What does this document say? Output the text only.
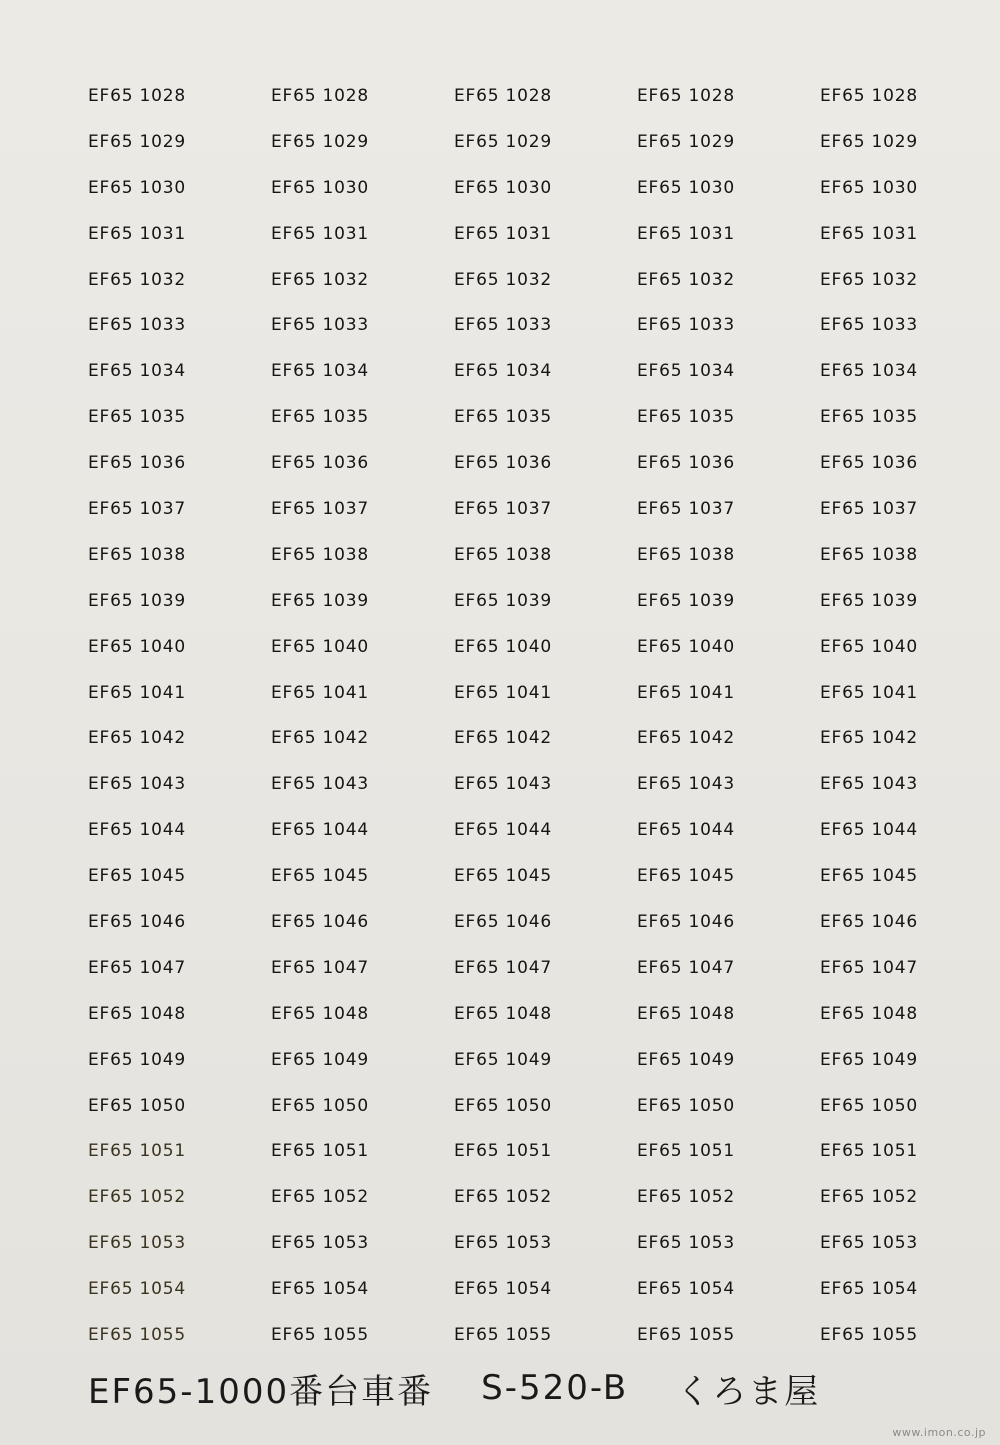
EF65 1028	EF65 1028	EF65 1028	EF65 1028	EF65 1028
EF65 1029	EF65 1029	EF65 1029	EF65 1029	EF65 1029
EF65 1030	EF65 1030	EF65 1030	EF65 1030	EF65 1030
EF65 1031	EF65 1031	EF65 1031	EF65 1031	EF65 1031
EF65 1032	EF65 1032	EF65 1032	EF65 1032	EF65 1032
EF65 1033	EF65 1033	EF65 1033	EF65 1033	EF65 1033
EF65 1034	EF65 1034	EF65 1034	EF65 1034	EF65 1034
EF65 1035	EF65 1035	EF65 1035	EF65 1035	EF65 1035
EF65 1036	EF65 1036	EF65 1036	EF65 1036	EF65 1036
EF65 1037	EF65 1037	EF65 1037	EF65 1037	EF65 1037
EF65 1038	EF65 1038	EF65 1038	EF65 1038	EF65 1038
EF65 1039	EF65 1039	EF65 1039	EF65 1039	EF65 1039
EF65 1040	EF65 1040	EF65 1040	EF65 1040	EF65 1040
EF65 1041	EF65 1041	EF65 1041	EF65 1041	EF65 1041
EF65 1042	EF65 1042	EF65 1042	EF65 1042	EF65 1042
EF65 1043	EF65 1043	EF65 1043	EF65 1043	EF65 1043
EF65 1044	EF65 1044	EF65 1044	EF65 1044	EF65 1044
EF65 1045	EF65 1045	EF65 1045	EF65 1045	EF65 1045
EF65 1046	EF65 1046	EF65 1046	EF65 1046	EF65 1046
EF65 1047	EF65 1047	EF65 1047	EF65 1047	EF65 1047
EF65 1048	EF65 1048	EF65 1048	EF65 1048	EF65 1048
EF65 1049	EF65 1049	EF65 1049	EF65 1049	EF65 1049
EF65 1050	EF65 1050	EF65 1050	EF65 1050	EF65 1050
EF65 1051	EF65 1051	EF65 1051	EF65 1051	EF65 1051
EF65 1052	EF65 1052	EF65 1052	EF65 1052	EF65 1052
EF65 1053	EF65 1053	EF65 1053	EF65 1053	EF65 1053
EF65 1054	EF65 1054	EF65 1054	EF65 1054	EF65 1054
EF65 1055	EF65 1055	EF65 1055	EF65 1055	EF65 1055
EF65-1000番台車番 S-520-B くろま屋
www.imon.co.jp
